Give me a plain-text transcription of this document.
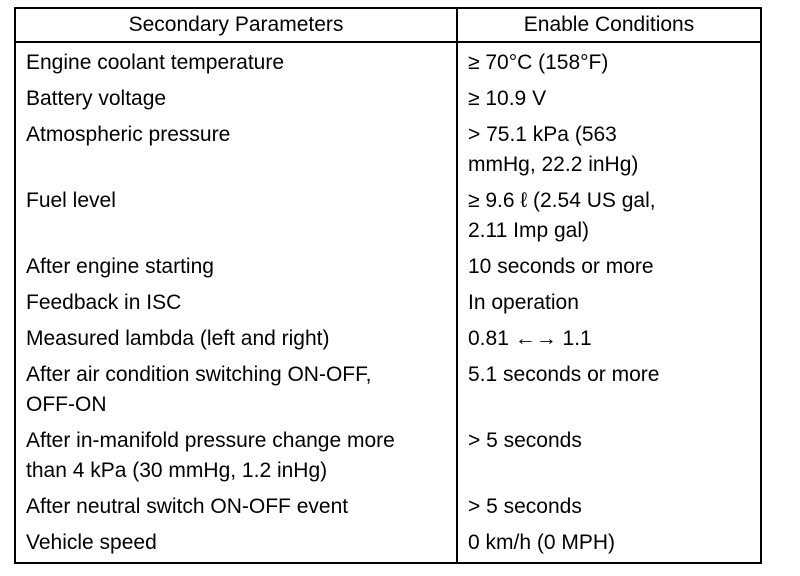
Secondary Parameters	Enable Conditions
Engine coolant temperature	≥ 70°C (158°F)
Battery voltage	≥ 10.9 V
Atmospheric pressure	> 75.1 kPa (563
mmHg, 22.2 inHg)
Fuel level	≥ 9.6 ℓ (2.54 US gal,
2.11 Imp gal)
After engine starting	10 seconds or more
Feedback in ISC	In operation
Measured lambda (left and right)	0.81 ←→ 1.1
After air condition switching ON-OFF,
OFF-ON	5.1 seconds or more
After in-manifold pressure change more
than 4 kPa (30 mmHg, 1.2 inHg)	> 5 seconds
After neutral switch ON-OFF event	> 5 seconds
Vehicle speed	0 km/h (0 MPH)
